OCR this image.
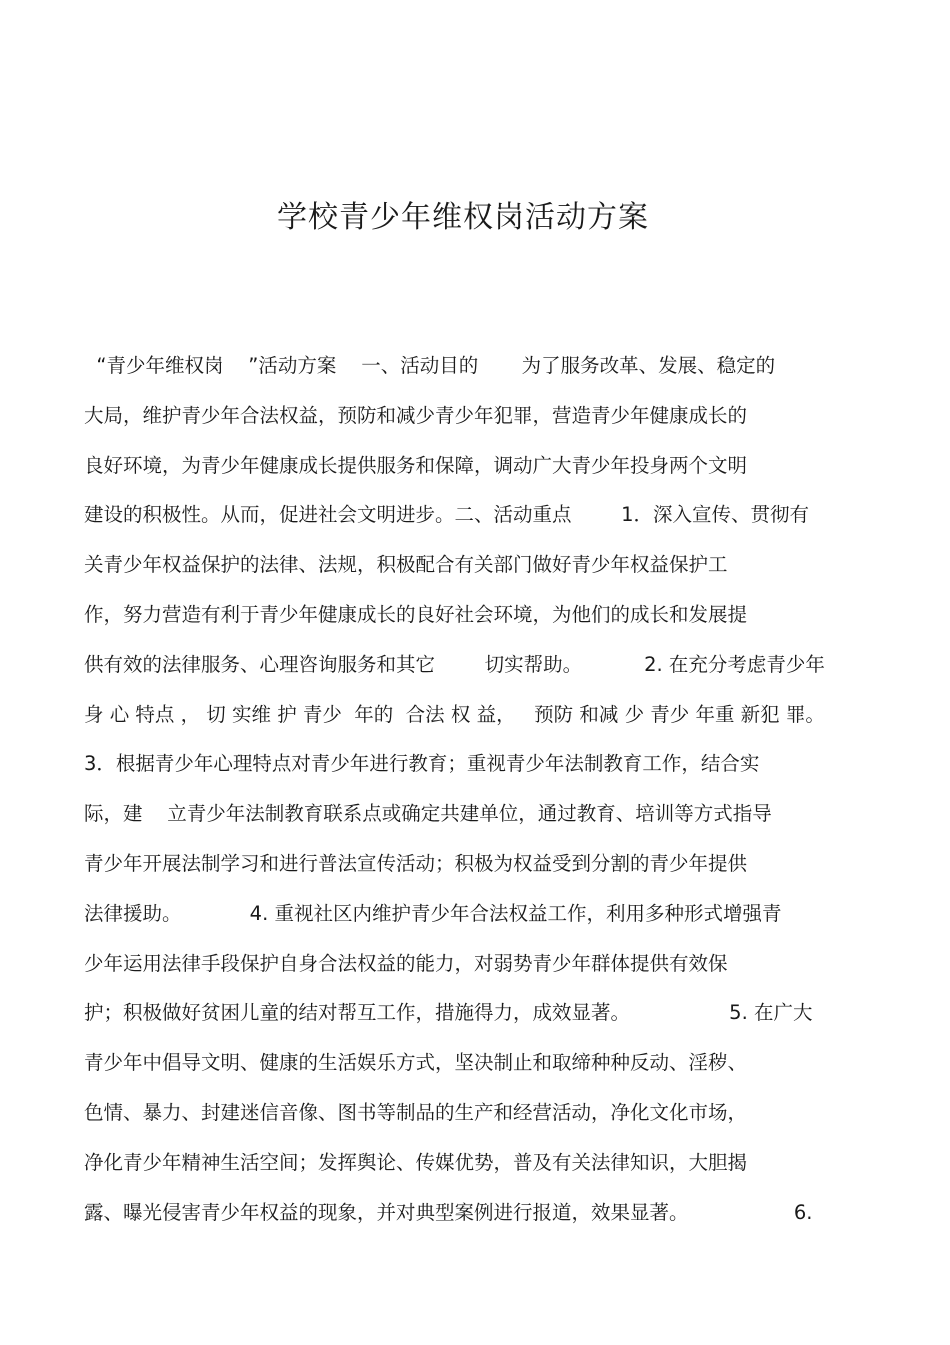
学校青少年维权岗活动方案
“青少年维权岗    ”活动方案    一、活动目的       为了服务改革、发展、稳定的
大局，维护青少年合法权益，预防和减少青少年犯罪，营造青少年健康成长的
良好环境，为青少年健康成长提供服务和保障，调动广大青少年投身两个文明
建设的积极性。从而，促进社会文明进步。二、活动重点        1．深入宣传、贯彻有
关青少年权益保护的法律、法规，积极配合有关部门做好青少年权益保护工
作，努力营造有利于青少年健康成长的良好社会环境，为他们的成长和发展提
供有效的法律服务、心理咨询服务和其它        切实帮助。          2. 在充分考虑青少年
身 心 特点 ， 切 实维 护 青少  年的  合法 权 益，   预防 和减 少 青少 年重 新犯 罪。
3．根据青少年心理特点对青少年进行教育；重视青少年法制教育工作，结合实
际，建    立青少年法制教育联系点或确定共建单位，通过教育、培训等方式指导
青少年开展法制学习和进行普法宣传活动；积极为权益受到分割的青少年提供
法律援助。           4. 重视社区内维护青少年合法权益工作，利用多种形式增强青
少年运用法律手段保护自身合法权益的能力，对弱势青少年群体提供有效保
护；积极做好贫困儿童的结对帮互工作，措施得力，成效显著。                5. 在广大
青少年中倡导文明、健康的生活娱乐方式，坚决制止和取缔种种反动、淫秽、
色情、暴力、封建迷信音像、图书等制品的生产和经营活动，净化文化市场，
净化青少年精神生活空间；发挥舆论、传媒优势，普及有关法律知识，大胆揭
露、曝光侵害青少年权益的现象，并对典型案例进行报道，效果显著。                 6.
